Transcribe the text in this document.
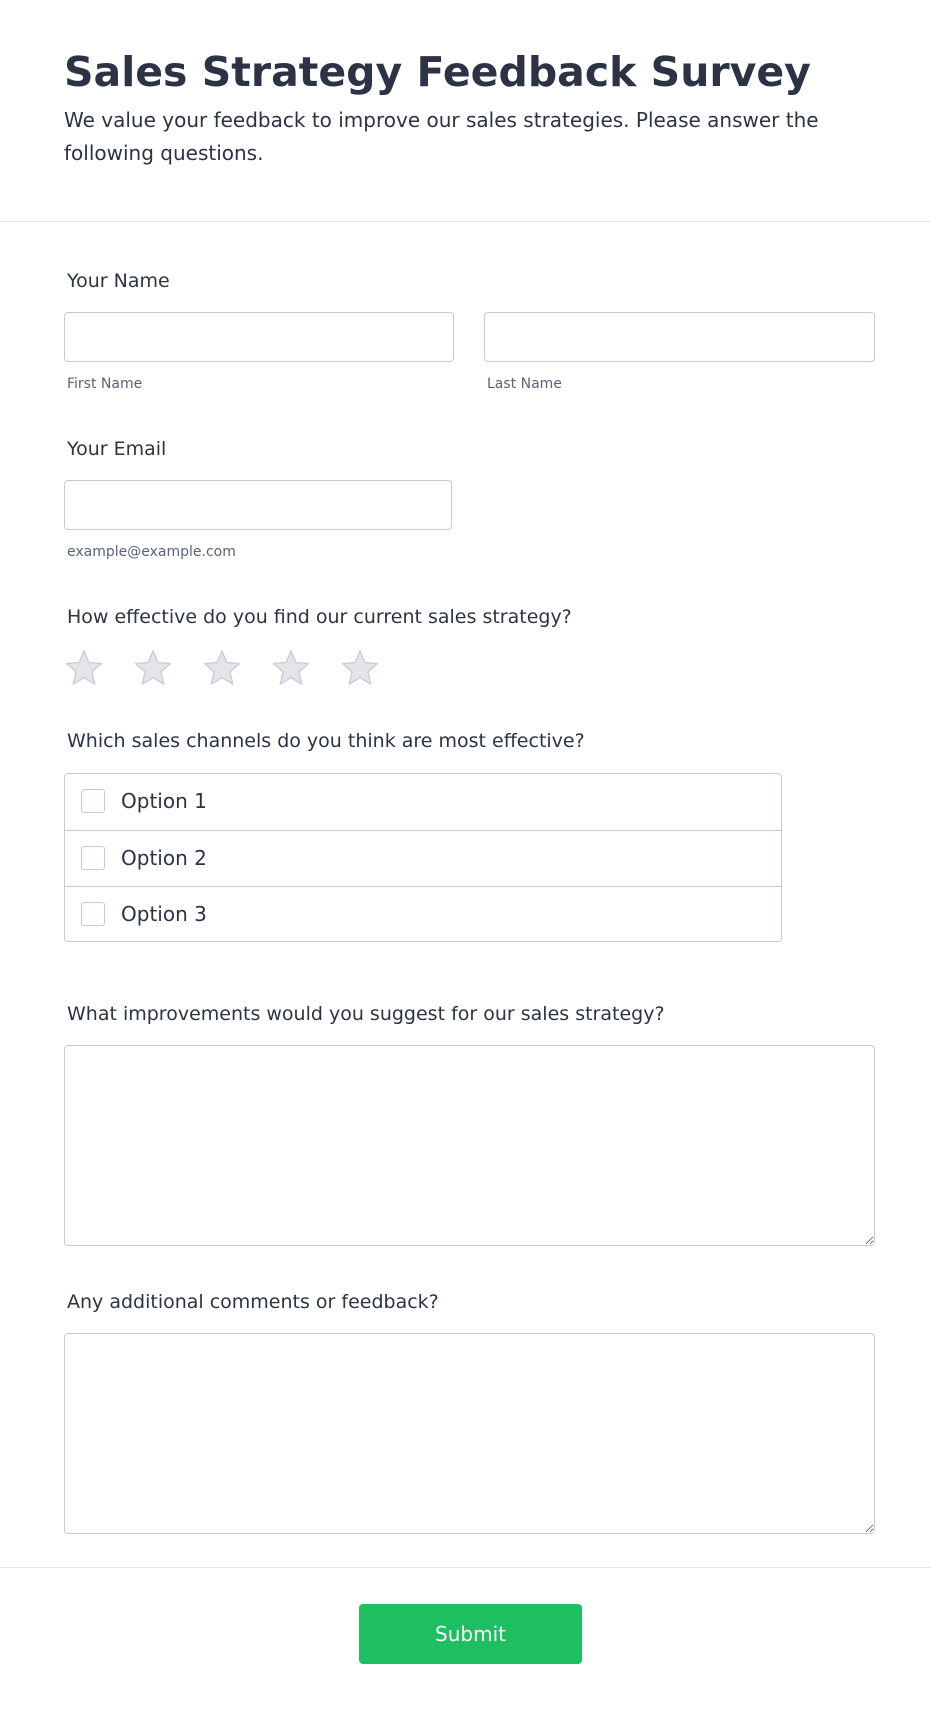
Sales Strategy Feedback Survey

We value your feedback to improve our sales strategies. Please answer the following questions.

Your Name
First Name	Last Name
Your Email
example@example.com
How effective do you find our current sales strategy?
Which sales channels do you think are most effective?
Option 1
Option 2
Option 3
What improvements would you suggest for our sales strategy?
Any additional comments or feedback?
Submit
